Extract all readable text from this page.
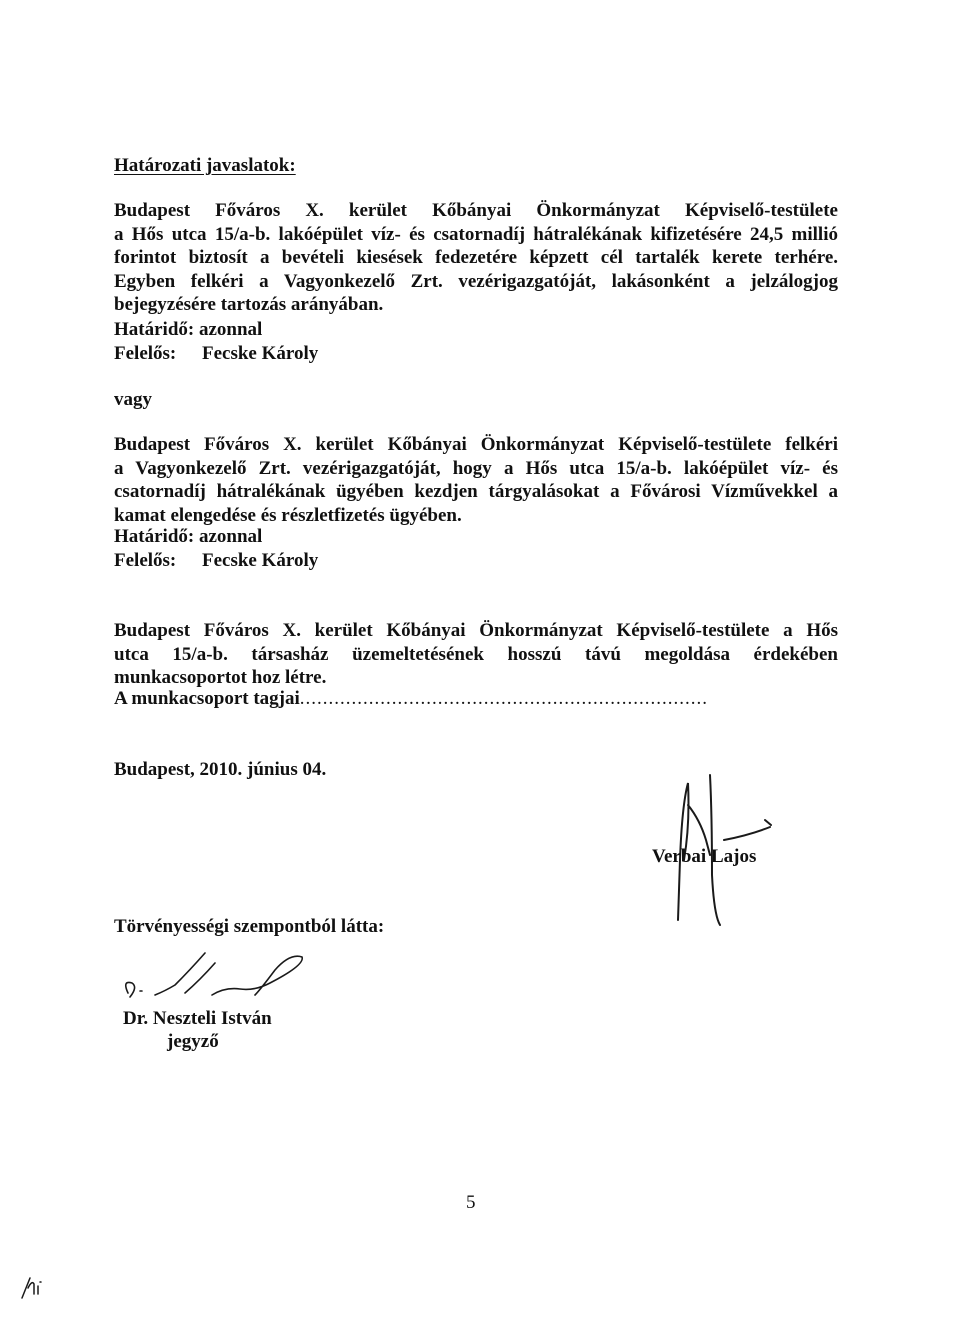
Határozati javaslatok:
Budapest Főváros X. kerület Kőbányai Önkormányzat Képviselő-testülete
a Hős utca 15/a-b. lakóépület víz- és csatornadíj hátralékának kifizetésére 24,5 millió
forintot biztosít a bevételi kiesések fedezetére képzett cél tartalék kerete terhére.
Egyben felkéri a Vagyonkezelő Zrt. vezérigazgatóját, lakásonként a jelzálogjog
bejegyzésére tartozás arányában.
Határidő: azonnal
Felelős: Fecske Károly
vagy
Budapest Főváros X. kerület Kőbányai Önkormányzat Képviselő-testülete felkéri
a Vagyonkezelő Zrt. vezérigazgatóját, hogy a Hős utca 15/a-b. lakóépület víz- és
csatornadíj hátralékának ügyében kezdjen tárgyalásokat a Fővárosi Vízművekkel a
kamat elengedése és részletfizetés ügyében.
Határidő: azonnal
Felelős: Fecske Károly
Budapest Főváros X. kerület Kőbányai Önkormányzat Képviselő-testülete a Hős
utca 15/a-b. társasház üzemeltetésének hosszú távú megoldása érdekében
munkacsoportot hoz létre.
A munkacsoport tagjai.......................................................................
Budapest, 2010. június 04.
Verbai Lajos
Törvényességi szempontból látta:
Dr. Neszteli István
jegyző
5
